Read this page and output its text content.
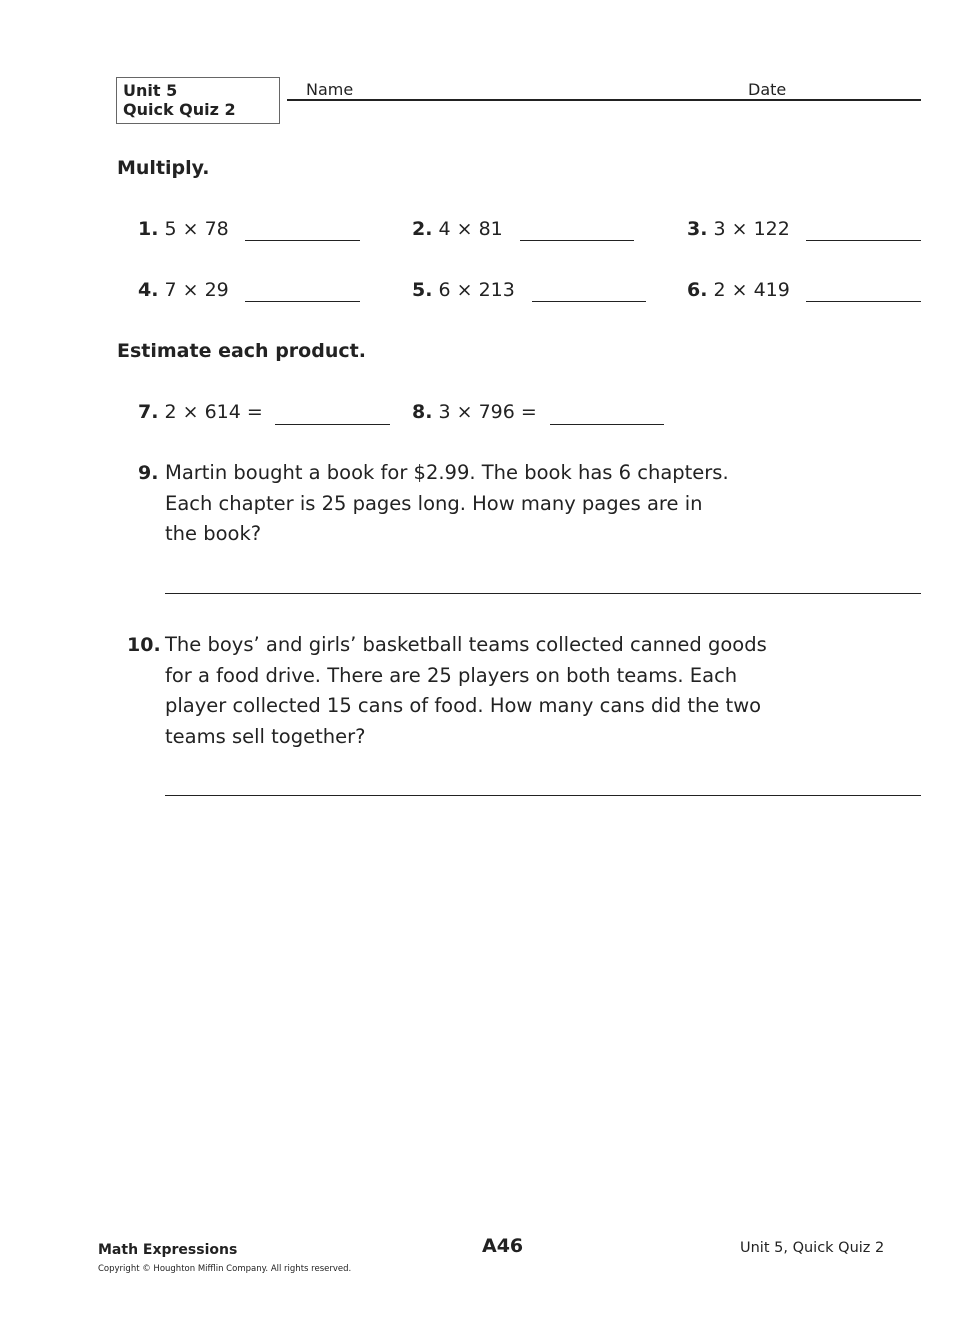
Unit 5
Quick Quiz 2
Name	Date
Multiply.
1. 5 × 78	2. 4 × 81	3. 3 × 122
4. 7 × 29	5. 6 × 213	6. 2 × 419
Estimate each product.
7. 2 × 614 =	8. 3 × 796 =
9. Martin bought a book for $2.99. The book has 6 chapters.
Each chapter is 25 pages long. How many pages are in
the book?
10. The boys’ and girls’ basketball teams collected canned goods
for a food drive. There are 25 players on both teams. Each
player collected 15 cans of food. How many cans did the two
teams sell together?
Math Expressions
Copyright © Houghton Mifflin Company. All rights reserved.
A46	Unit 5, Quick Quiz 2
